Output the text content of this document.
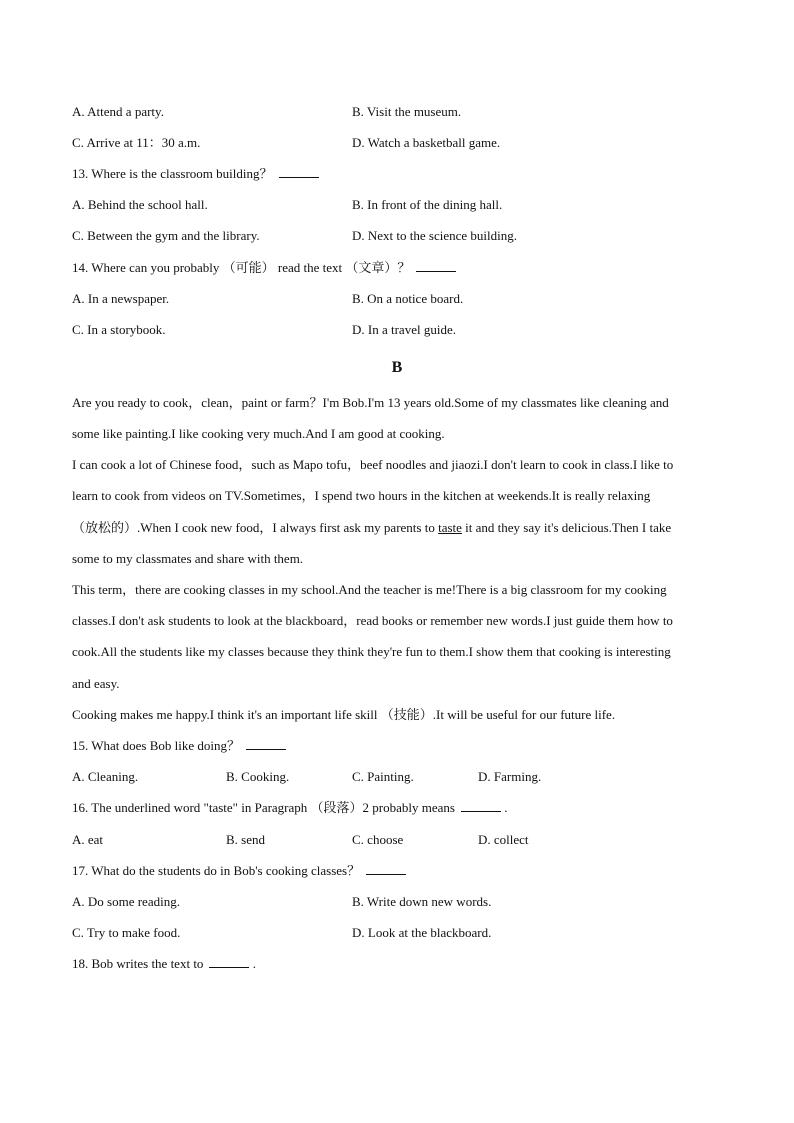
A. Attend a party.	B. Visit the museum.
C. Arrive at 11：30 a.m.	D. Watch a basketball game.
13. Where is the classroom building？
A. Behind the school hall.	B. In front of the dining hall.
C. Between the gym and the library.	D. Next to the science building.
14. Where can you probably （可能） read the text （文章）？
A. In a newspaper.	B. On a notice board.
C. In a storybook.	D. In a travel guide.
B
Are you ready to cook，clean，paint or farm？I'm Bob.I'm 13 years old.Some of my classmates like cleaning and
some like painting.I like cooking very much.And I am good at cooking.
I can cook a lot of Chinese food，such as Mapo tofu，beef noodles and jiaozi.I don't learn to cook in class.I like to
learn to cook from videos on TV.Sometimes，I spend two hours in the kitchen at weekends.It is really relaxing
（放松的）.When I cook new food，I always first ask my parents to taste it and they say it's delicious.Then I take
some to my classmates and share with them.
This term，there are cooking classes in my school.And the teacher is me!There is a big classroom for my cooking
classes.I don't ask students to look at the blackboard，read books or remember new words.I just guide them how to
cook.All the students like my classes because they think they're fun to them.I show them that cooking is interesting
and easy.
Cooking makes me happy.I think it's an important life skill （技能）.It will be useful for our future life.
15. What does Bob like doing？
A. Cleaning.	B. Cooking.	C. Painting.	D. Farming.
16. The underlined word "taste" in Paragraph （段落）2 probably means	.
A. eat	B. send	C. choose	D. collect
17. What do the students do in Bob's cooking classes？
A. Do some reading.	B. Write down new words.
C. Try to make food.	D. Look at the blackboard.
18. Bob writes the text to	.
